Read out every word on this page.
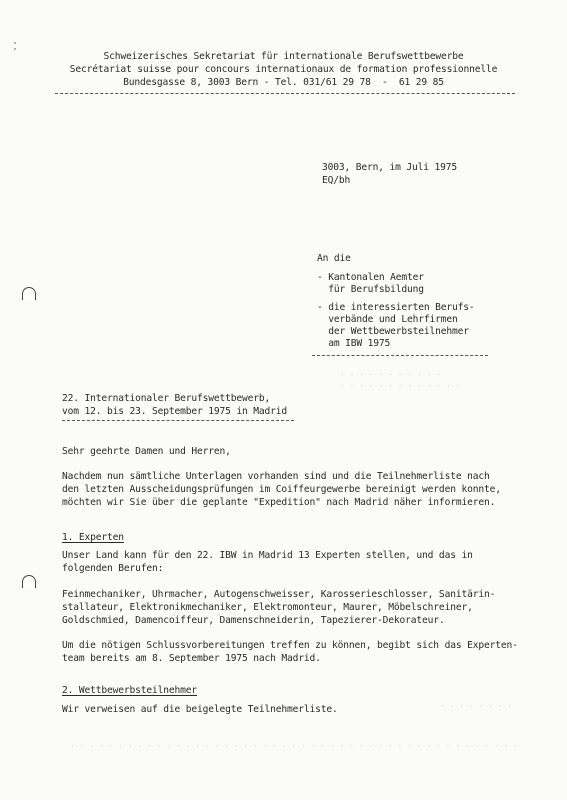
Schweizerisches Sekretariat für internationale Berufswettbewerbe
Secrétariat suisse pour concours internationaux de formation professionnelle
Bundesgasse 8, 3003 Bern - Tel. 031/61 29 78  -  61 29 85
3003, Bern, im Juli 1975
EQ/bh
An die
- Kantonalen Aemter
für Berufsbildung
- die interessierten Berufs-
verbände und Lehrfirmen
der Wettbewerbsteilnehmer
am IBW 1975
. . . . . . . . . . .
. . . . . . . . . . . . .
. . . . . . . .
. . . . . . . . . . . . . . . . . . . . . . . . . . . . . . . . . . . . . . . . . . . . . . .
22. Internationaler Berufswettbewerb,
vom 12. bis 23. September 1975 in Madrid
Sehr geehrte Damen und Herren,
Nachdem nun sämtliche Unterlagen vorhanden sind und die Teilnehmerliste nach
den letzten Ausscheidungsprüfungen im Coiffeurgewerbe bereinigt werden konnte,
möchten wir Sie über die geplante "Expedition" nach Madrid näher informieren.
1. Experten
Unser Land kann für den 22. IBW in Madrid 13 Experten stellen, und das in
folgenden Berufen:
Feinmechaniker, Uhrmacher, Autogenschweisser, Karosserieschlosser, Sanitärin-
stallateur, Elektronikmechaniker, Elektromonteur, Maurer, Möbelschreiner,
Goldschmied, Damencoiffeur, Damenschneiderin, Tapezierer-Dekorateur.
Um die nötigen Schlussvorbereitungen treffen zu können, begibt sich das Experten-
team bereits am 8. September 1975 nach Madrid.
2. Wettbewerbsteilnehmer
Wir verweisen auf die beigelegte Teilnehmerliste.
